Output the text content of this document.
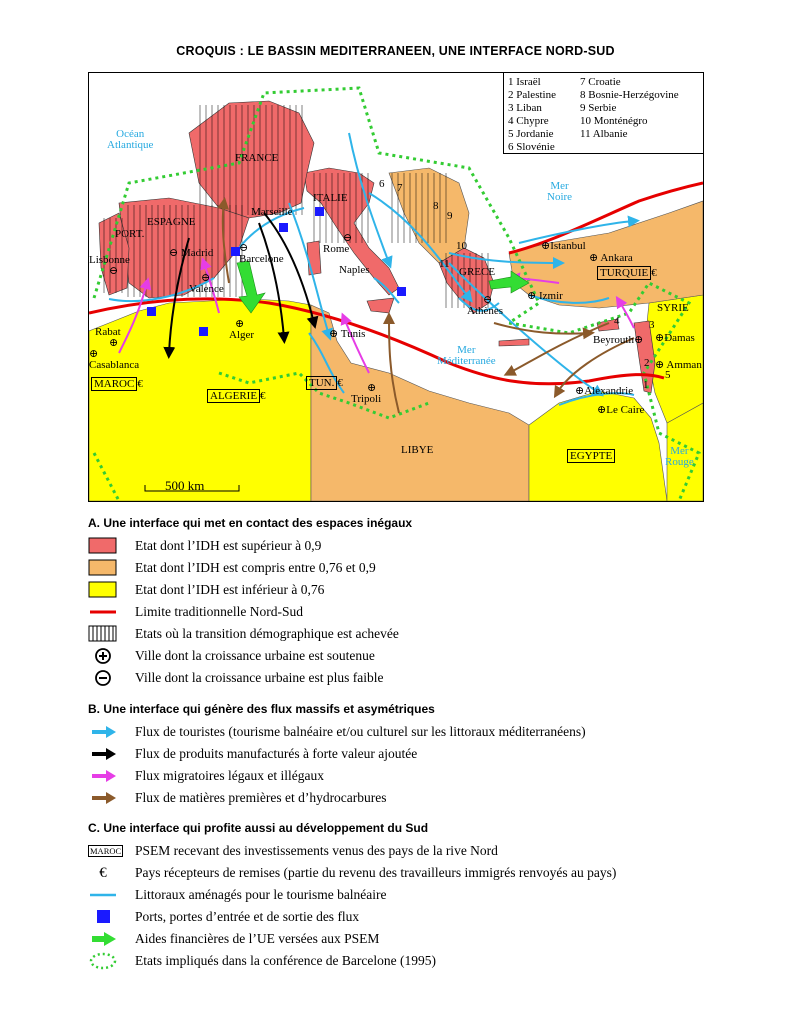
CROQUIS : LE BASSIN MEDITERRANEEN, UNE INTERFACE NORD-SUD
Océan
Atlantique
FRANCE
ESPAGNE
PORT.
ITALIE
Mer
Noire
Mer
Méditerranée
Mer
Rouge
LIBYE
SYRIE
GRECE
500 km
MAROC €
ALGERIE €
TUN. €
TURQUIE €
EGYPTE
6 7
8
9
10
11
4	3
2
5
1
Lisbonne
⊖
⊖ Madrid
⊖
Valence
⊖
Barcelone
Marseille
⊖
Rome
Naples
Rabat
⊕
⊕
Casablanca
⊕
Alger	⊕ Tunis
⊕
Tripoli
⊖
Athènes
⊕Istanbul
⊕ Ankara
⊕ Izmir
Beyrouth⊕ ⊕Damas
⊕ Amman
⊕Alexandrie
⊕Le Caire
1 Israël
2 Palestine
3 Liban
4 Chypre
5 Jordanie
6 Slovénie
7 Croatie
8 Bosnie-Herzégovine
9 Serbie
10 Monténégro
11 Albanie
A. Une interface qui met en contact des espaces inégaux
Etat dont l’IDH est supérieur à 0,9
Etat dont l’IDH est compris entre 0,76 et 0,9
Etat dont l’IDH est inférieur à 0,76
Limite traditionnelle Nord-Sud
Etats où la transition démographique est achevée
Ville dont la croissance urbaine est soutenue
Ville dont la croissance urbaine est plus faible
B. Une interface qui génère des flux massifs et asymétriques
Flux de touristes (tourisme balnéaire et/ou culturel sur les littoraux méditerranéens)
Flux de produits manufacturés à forte valeur ajoutée
Flux migratoires légaux et illégaux
Flux de matières premières et d’hydrocarbures
C. Une interface qui profite aussi au développement du Sud
MAROC PSEM recevant des investissements venus des pays de la rive Nord
€	Pays récepteurs de remises (partie du revenu des travailleurs immigrés renvoyés au pays)
Littoraux aménagés pour le tourisme balnéaire
Ports, portes d’entrée et de sortie des flux
Aides financières de l’UE versées aux PSEM
Etats impliqués dans la conférence de Barcelone (1995)
